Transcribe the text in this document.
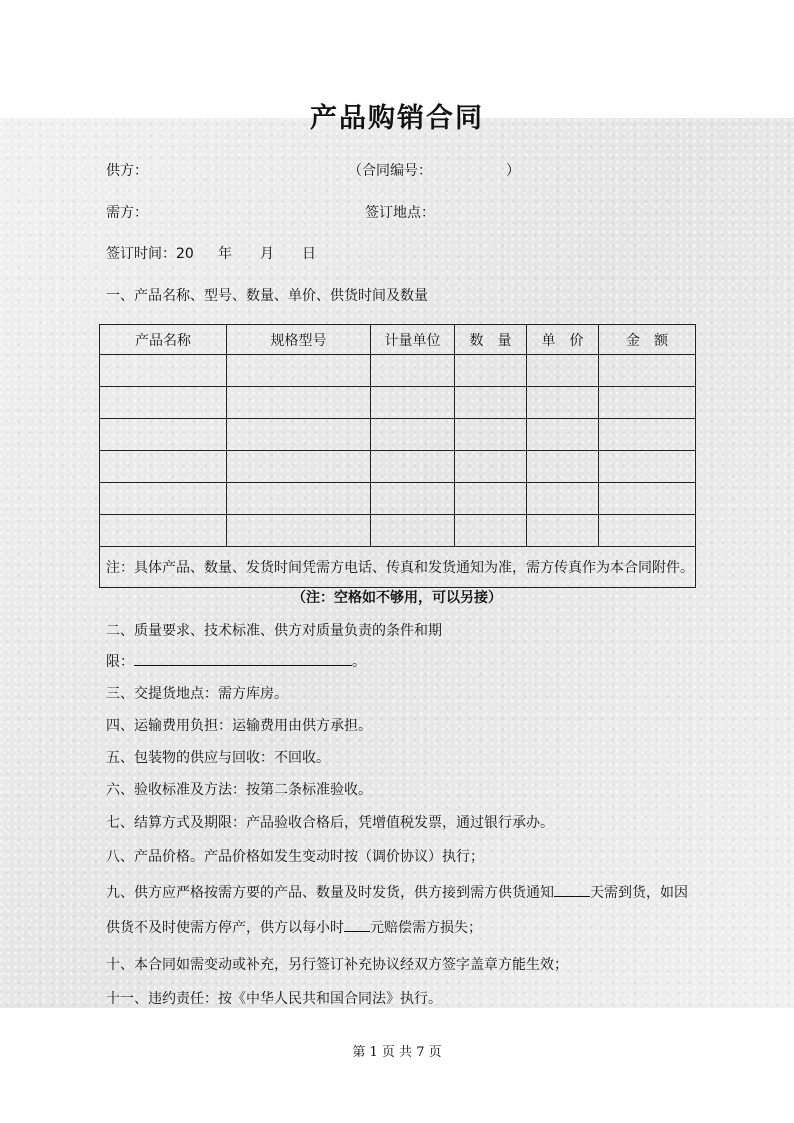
产品购销合同
供方：	（合同编号：	）
需方：	签订地点：
签订时间：20 年 月 日
一、产品名称、型号、数量、单价、供货时间及数量
产品名称	规格型号	计量单位	数　量	单　价	金　额

注：具体产品、数量、发货时间凭需方电话、传真和发货通知为准，需方传真作为本合同附件。					
（注：空格如不够用，可以另接）
二、质量要求、技术标准、供方对质量负责的条件和期
限：	。
三、交提货地点：需方库房。
四、运输费用负担：运输费用由供方承担。
五、包装物的供应与回收：不回收。
六、验收标准及方法：按第二条标准验收。
七、结算方式及期限：产品验收合格后，凭增值税发票，通过银行承办。
八、产品价格。产品价格如发生变动时按（调价协议）执行；
九、供方应严格按需方要的产品、数量及时发货，供方接到需方供货通知	天需到货，如因
供货不及时使需方停产，供方以每小时 元赔偿需方损失；
十、本合同如需变动或补充，另行签订补充协议经双方签字盖章方能生效；
十一、违约责任：按《中华人民共和国合同法》执行。
第 1 页 共 7 页
